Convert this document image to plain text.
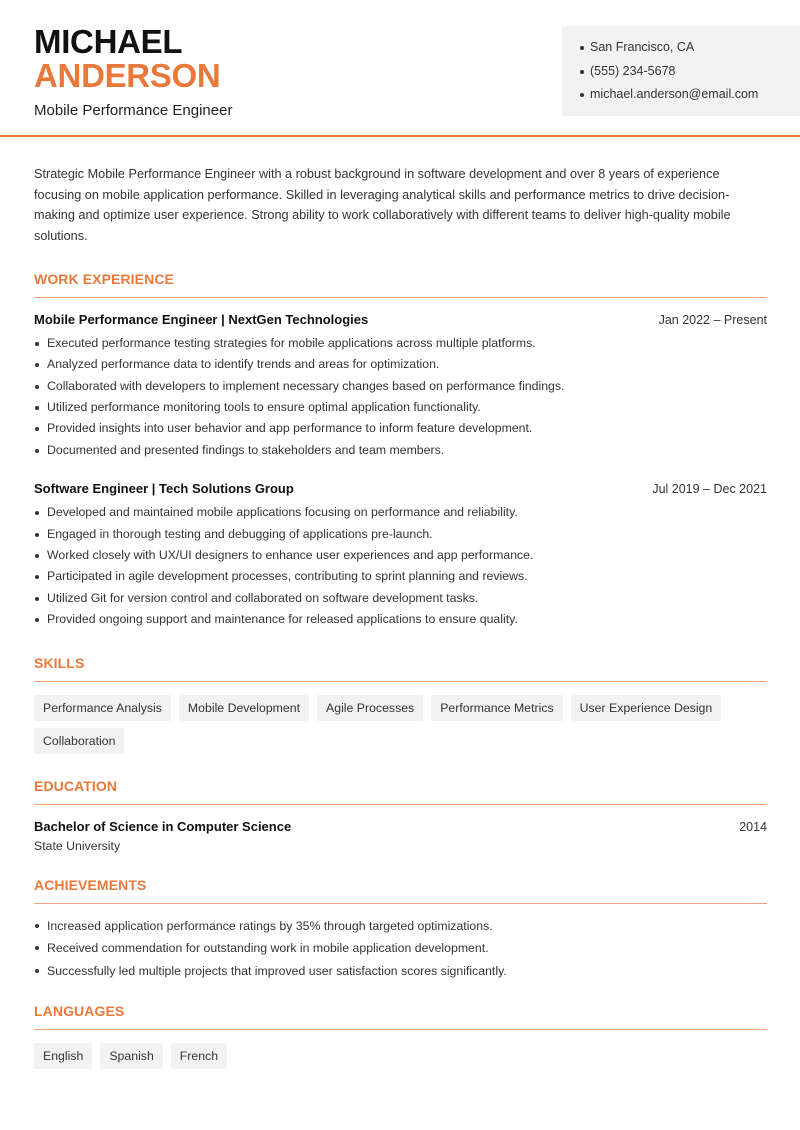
MICHAEL
ANDERSON
Mobile Performance Engineer
San Francisco, CA
(555) 234-5678
michael.anderson@email.com

Strategic Mobile Performance Engineer with a robust background in software development and over 8 years of experience focusing on mobile application performance. Skilled in leveraging analytical skills and performance metrics to drive decision-making and optimize user experience. Strong ability to work collaboratively with different teams to deliver high-quality mobile solutions.

WORK EXPERIENCE
Mobile Performance Engineer | NextGen Technologies	Jan 2022 – Present
Executed performance testing strategies for mobile applications across multiple platforms.
Analyzed performance data to identify trends and areas for optimization.
Collaborated with developers to implement necessary changes based on performance findings.
Utilized performance monitoring tools to ensure optimal application functionality.
Provided insights into user behavior and app performance to inform feature development.
Documented and presented findings to stakeholders and team members.
Software Engineer | Tech Solutions Group	Jul 2019 – Dec 2021
Developed and maintained mobile applications focusing on performance and reliability.
Engaged in thorough testing and debugging of applications pre-launch.
Worked closely with UX/UI designers to enhance user experiences and app performance.
Participated in agile development processes, contributing to sprint planning and reviews.
Utilized Git for version control and collaborated on software development tasks.
Provided ongoing support and maintenance for released applications to ensure quality.
SKILLS
Performance Analysis	Mobile Development	Agile Processes	Performance Metrics	User Experience Design
Collaboration
EDUCATION
Bachelor of Science in Computer Science	2014
State University
ACHIEVEMENTS
Increased application performance ratings by 35% through targeted optimizations.
Received commendation for outstanding work in mobile application development.
Successfully led multiple projects that improved user satisfaction scores significantly.
LANGUAGES
English	Spanish	French
